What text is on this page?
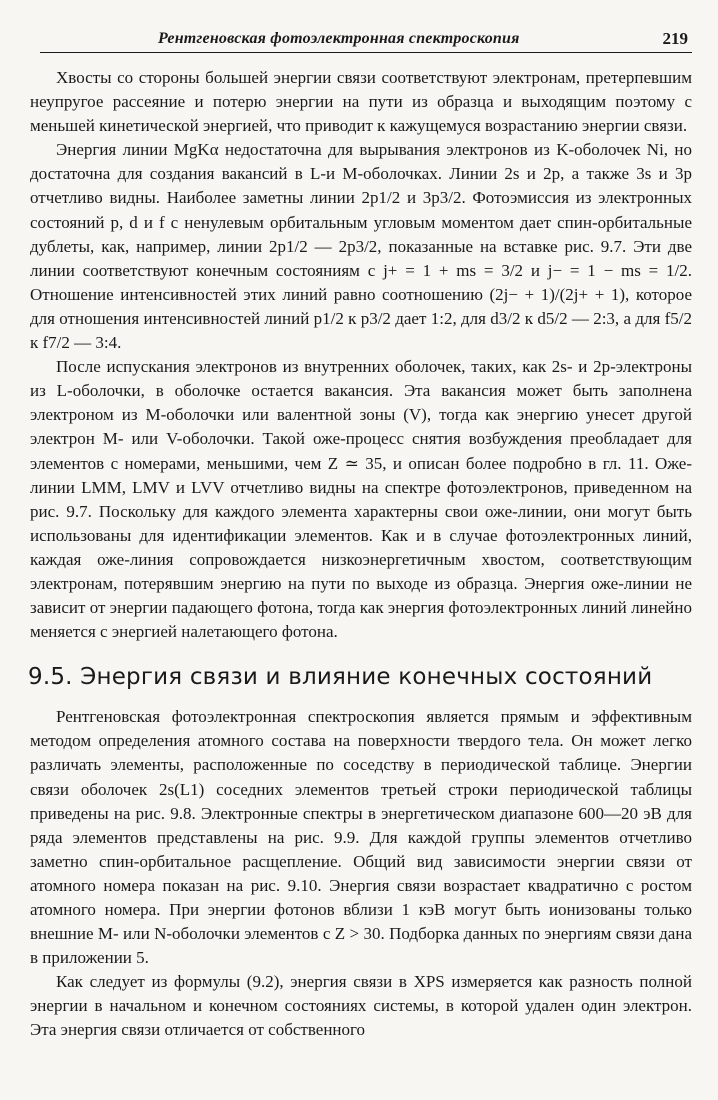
Рентгеновская фотоэлектронная спектроскопия	219

Хвосты со стороны большей энергии связи соответствуют электронам, претерпевшим неупругое рассеяние и потерю энергии на пути из образца и выходящим поэтому с меньшей кинетической энергией, что приводит к кажущемуся возрастанию энергии связи.

Энергия линии MgKα недостаточна для вырывания электронов из K-оболочек Ni, но достаточна для создания вакансий в L-и M-оболочках. Линии 2s и 2p, а также 3s и 3p отчетливо видны. Наиболее заметны линии 2p1/2 и 3p3/2. Фотоэмиссия из электронных состояний p, d и f с ненулевым орбитальным угловым моментом дает спин-орбитальные дублеты, как, например, линии 2p1/2 — 2p3/2, показанные на вставке рис. 9.7. Эти две линии соответствуют конечным состояниям с j+ = 1 + ms = 3/2 и j− = 1 − ms = 1/2. Отношение интенсивностей этих линий равно соотношению (2j− + 1)/(2j+ + 1), которое для отношения интенсивностей линий p1/2 к p3/2 дает 1:2, для d3/2 к d5/2 — 2:3, а для f5/2 к f7/2 — 3:4.

После испускания электронов из внутренних оболочек, таких, как 2s- и 2p-электроны из L-оболочки, в оболочке остается вакансия. Эта вакансия может быть заполнена электроном из M-оболочки или валентной зоны (V), тогда как энергию унесет другой электрон M- или V-оболочки. Такой оже-процесс снятия возбуждения преобладает для элементов с номерами, меньшими, чем Z ≃ 35, и описан более подробно в гл. 11. Оже-линии LMM, LMV и LVV отчетливо видны на спектре фотоэлектронов, приведенном на рис. 9.7. Поскольку для каждого элемента характерны свои оже-линии, они могут быть использованы для идентификации элементов. Как и в случае фотоэлектронных линий, каждая оже-линия сопровождается низкоэнергетичным хвостом, соответствующим электронам, потерявшим энергию на пути по выходе из образца. Энергия оже-линии не зависит от энергии падающего фотона, тогда как энергия фотоэлектронных линий линейно меняется с энергией налетающего фотона.

9.5. Энергия связи и влияние конечных состояний

Рентгеновская фотоэлектронная спектроскопия является прямым и эффективным методом определения атомного состава на поверхности твердого тела. Он может легко различать элементы, расположенные по соседству в периодической таблице. Энергии связи оболочек 2s(L1) соседних элементов третьей строки периодической таблицы приведены на рис. 9.8. Электронные спектры в энергетическом диапазоне 600—20 эВ для ряда элементов представлены на рис. 9.9. Для каждой группы элементов отчетливо заметно спин-орбитальное расщепление. Общий вид зависимости энергии связи от атомного номера показан на рис. 9.10. Энергия связи возрастает квадратично с ростом атомного номера. При энергии фотонов вблизи 1 кэВ могут быть ионизованы только внешние M- или N-оболочки элементов с Z > 30. Подборка данных по энергиям связи дана в приложении 5.

Как следует из формулы (9.2), энергия связи в XPS измеряется как разность полной энергии в начальном и конечном состояниях системы, в которой удален один электрон. Эта энергия связи отличается от собственного
